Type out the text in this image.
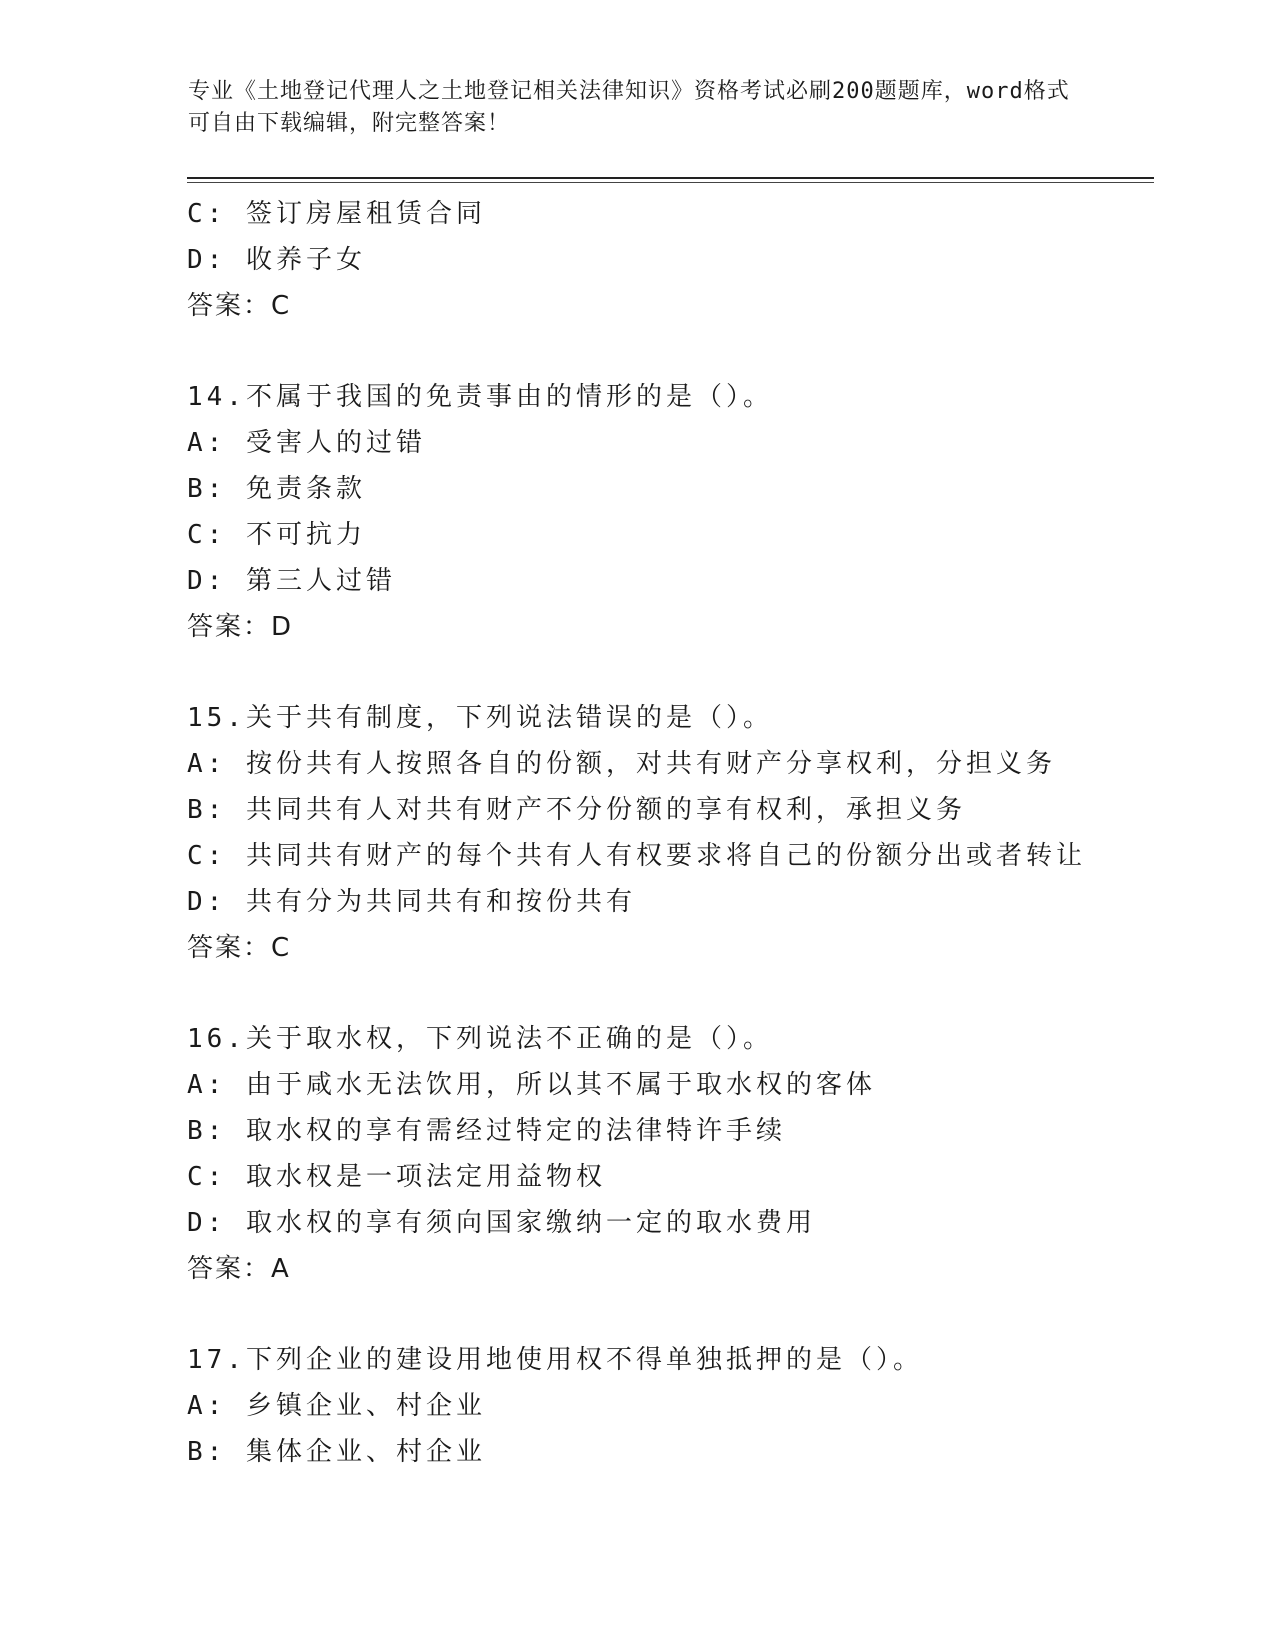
专业《土地登记代理人之土地登记相关法律知识》资格考试必刷200题题库，word格式可自由下载编辑，附完整答案！
C: 签订房屋租赁合同
D: 收养子女
答案：C
14.不属于我国的免责事由的情形的是（）。
A: 受害人的过错
B: 免责条款
C: 不可抗力
D: 第三人过错
答案：D
15.关于共有制度，下列说法错误的是（）。
A: 按份共有人按照各自的份额，对共有财产分享权利，分担义务
B: 共同共有人对共有财产不分份额的享有权利，承担义务
C: 共同共有财产的每个共有人有权要求将自己的份额分出或者转让
D: 共有分为共同共有和按份共有
答案：C
16.关于取水权，下列说法不正确的是（）。
A: 由于咸水无法饮用，所以其不属于取水权的客体
B: 取水权的享有需经过特定的法律特许手续
C: 取水权是一项法定用益物权
D: 取水权的享有须向国家缴纳一定的取水费用
答案：A
17.下列企业的建设用地使用权不得单独抵押的是（）。
A: 乡镇企业、村企业
B: 集体企业、村企业
